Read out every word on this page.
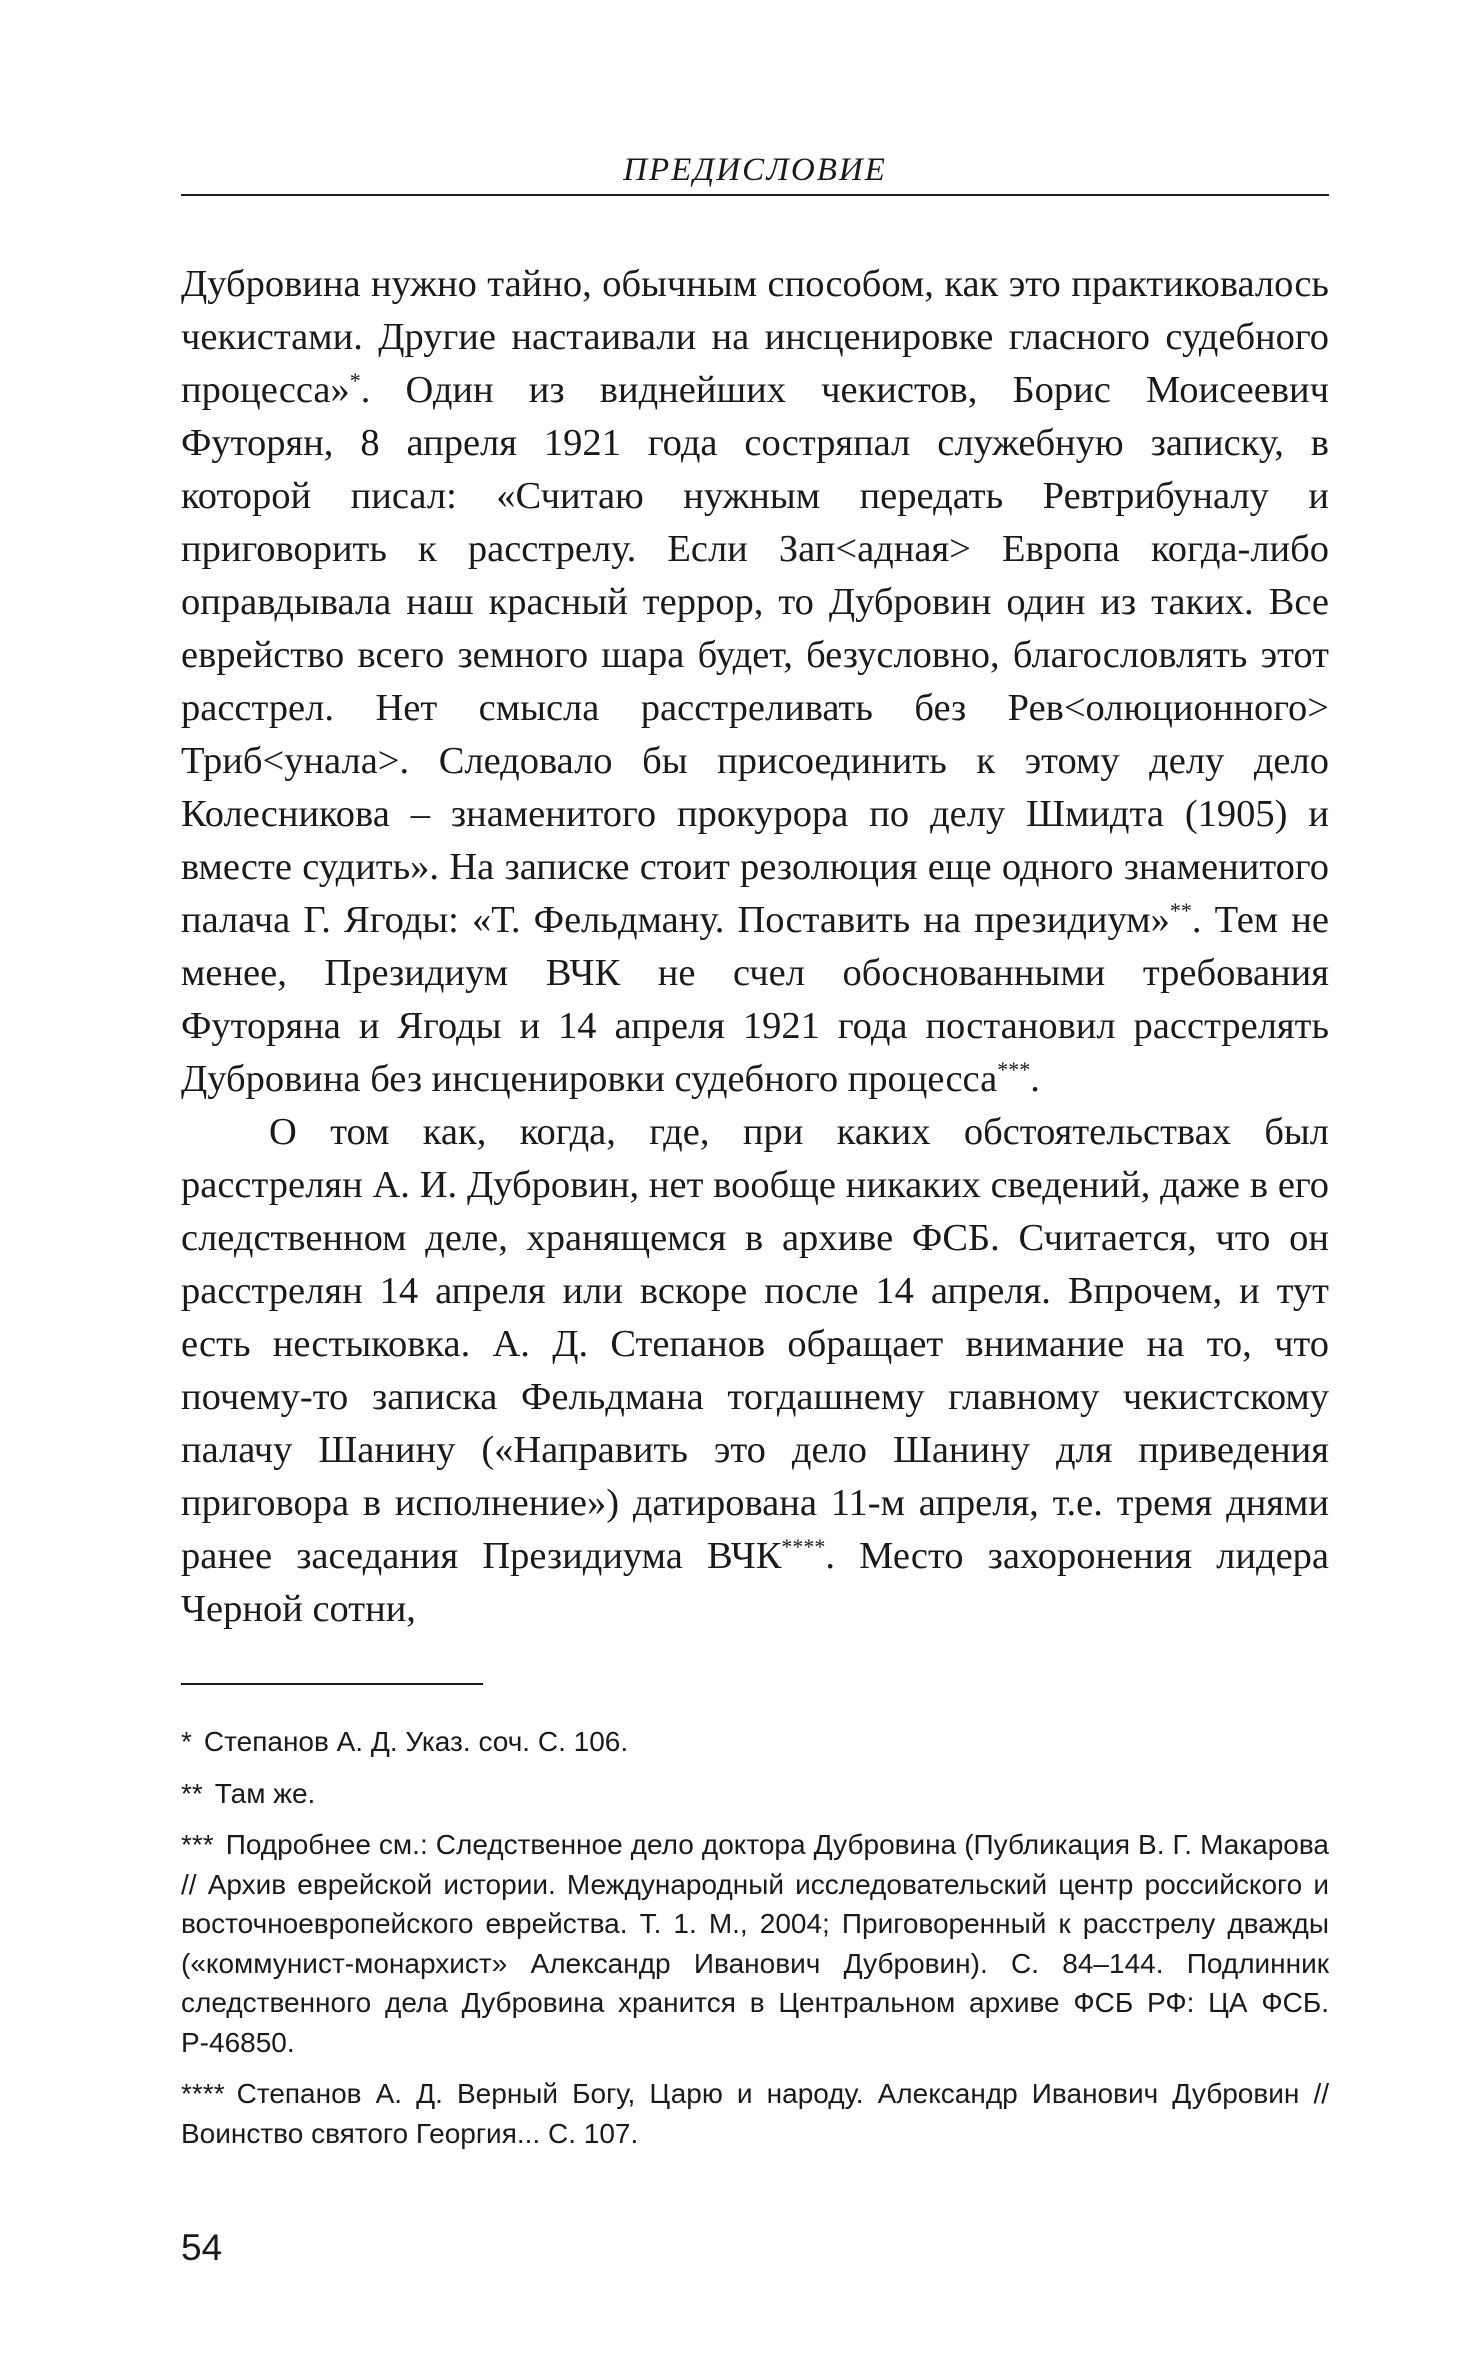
ПРЕДИСЛОВИЕ

Дубровина нужно тайно, обычным способом, как это практиковалось чекистами. Другие настаивали на инсценировке гласного судебного процесса»*. Один из виднейших чекистов, Борис Моисеевич Футорян, 8 апреля 1921 года состряпал служебную записку, в которой писал: «Считаю нужным передать Ревтрибуналу и приговорить к расстрелу. Если Зап<адная> Европа когда-либо оправдывала наш красный террор, то Дубровин один из таких. Все еврейство всего земного шара будет, безусловно, благословлять этот расстрел. Нет смысла расстреливать без Рев<олюционного> Триб<унала>. Следовало бы присоединить к этому делу дело Колесникова – знаменитого прокурора по делу Шмидта (1905) и вместе судить». На записке стоит резолюция еще одного знаменитого палача Г. Ягоды: «Т. Фельдману. Поставить на президиум»**. Тем не менее, Президиум ВЧК не счел обоснованными требования Футоряна и Ягоды и 14 апреля 1921 года постановил расстрелять Дубровина без инсценировки судебного процесса***.

О том как, когда, где, при каких обстоятельствах был расстрелян А. И. Дубровин, нет вообще никаких сведений, даже в его следственном деле, хранящемся в архиве ФСБ. Считается, что он расстрелян 14 апреля или вскоре после 14 апреля. Впрочем, и тут есть нестыковка. А. Д. Степанов обращает внимание на то, что почему-то записка Фельдмана тогдашнему главному чекистскому палачу Шанину («Направить это дело Шанину для приведения приговора в исполнение») датирована 11-м апреля, т.е. тремя днями ранее заседания Президиума ВЧК****. Место захоронения лидера Черной сотни,

* Степанов А. Д. Указ. соч. С. 106.

** Там же.

*** Подробнее см.: Следственное дело доктора Дубровина (Публикация В. Г. Макарова // Архив еврейской истории. Международный исследовательский центр российского и восточноевропейского еврейства. Т. 1. М., 2004; Приговоренный к расстрелу дважды («коммунист-монархист» Александр Иванович Дубровин). С. 84–144. Подлинник следственного дела Дубровина хранится в Центральном архиве ФСБ РФ: ЦА ФСБ. Р-46850.

**** Степанов А. Д. Верный Богу, Царю и народу. Александр Иванович Дубровин // Воинство святого Георгия... С. 107.

54
